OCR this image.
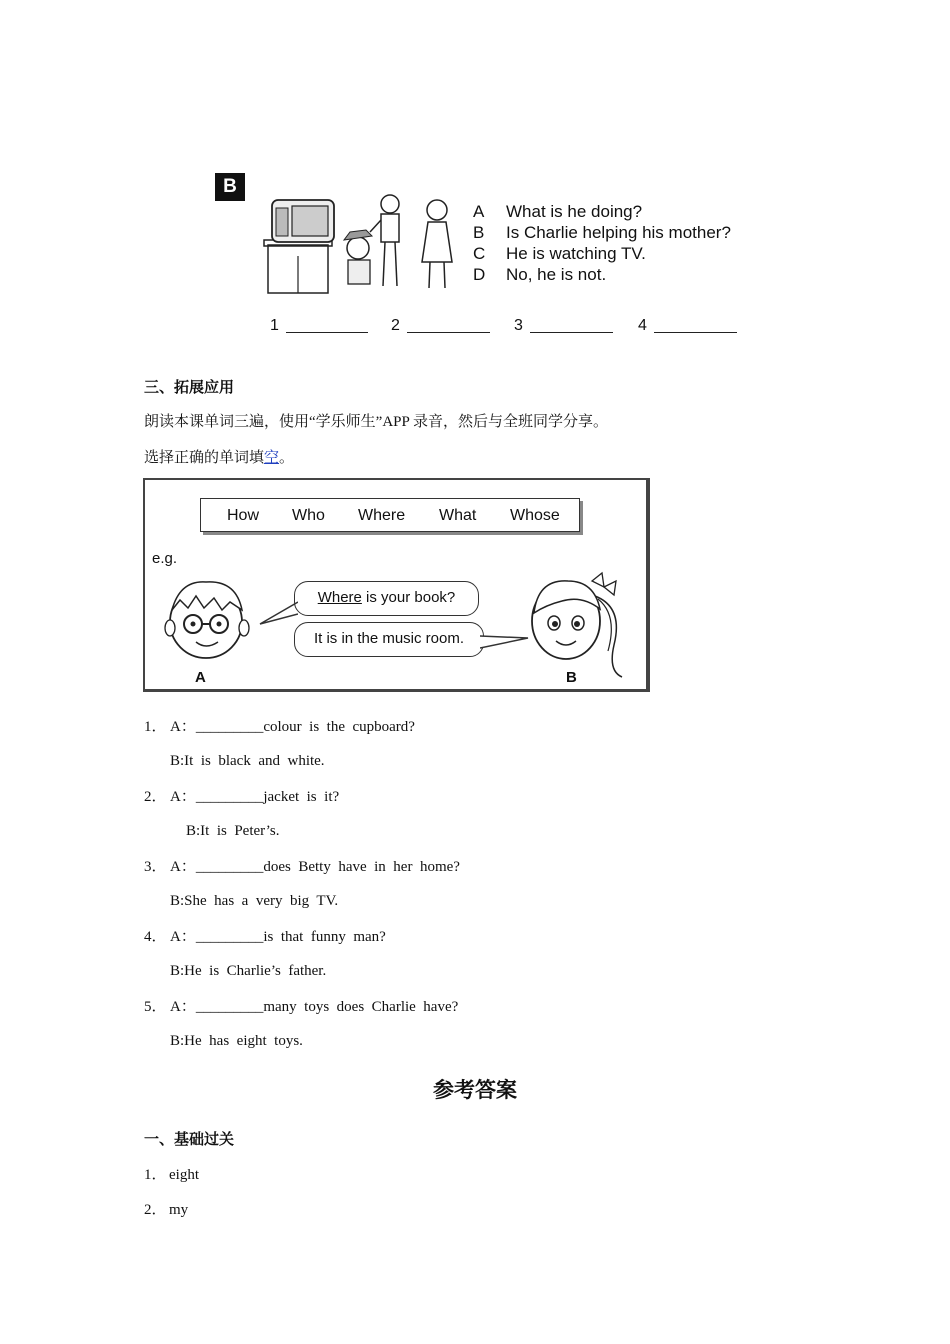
B
A	What is he doing?
B	Is Charlie helping his mother?
C	He is watching TV.
D	No, he is not.
1	2	3	4
三、拓展应用
朗读本课单词三遍，使用“学乐师生”APP 录音，然后与全班同学分享。
选择正确的单词填空。
How Who Where What Whose
e.g.
Where is your book?
It is in the music room.
A	B
1． A：_________colour  is  the  cupboard?
B:It  is  black  and  white.
2． A：_________jacket  is  it?
B:It  is  Peter’s.
3． A：_________does  Betty  have  in  her  home?
B:She  has  a  very  big  TV.
4． A：_________is  that  funny  man?
B:He  is  Charlie’s  father.
5． A：_________many  toys  does  Charlie  have?
B:He  has  eight  toys.
参考答案
一、基础过关
1． eight
2． my
